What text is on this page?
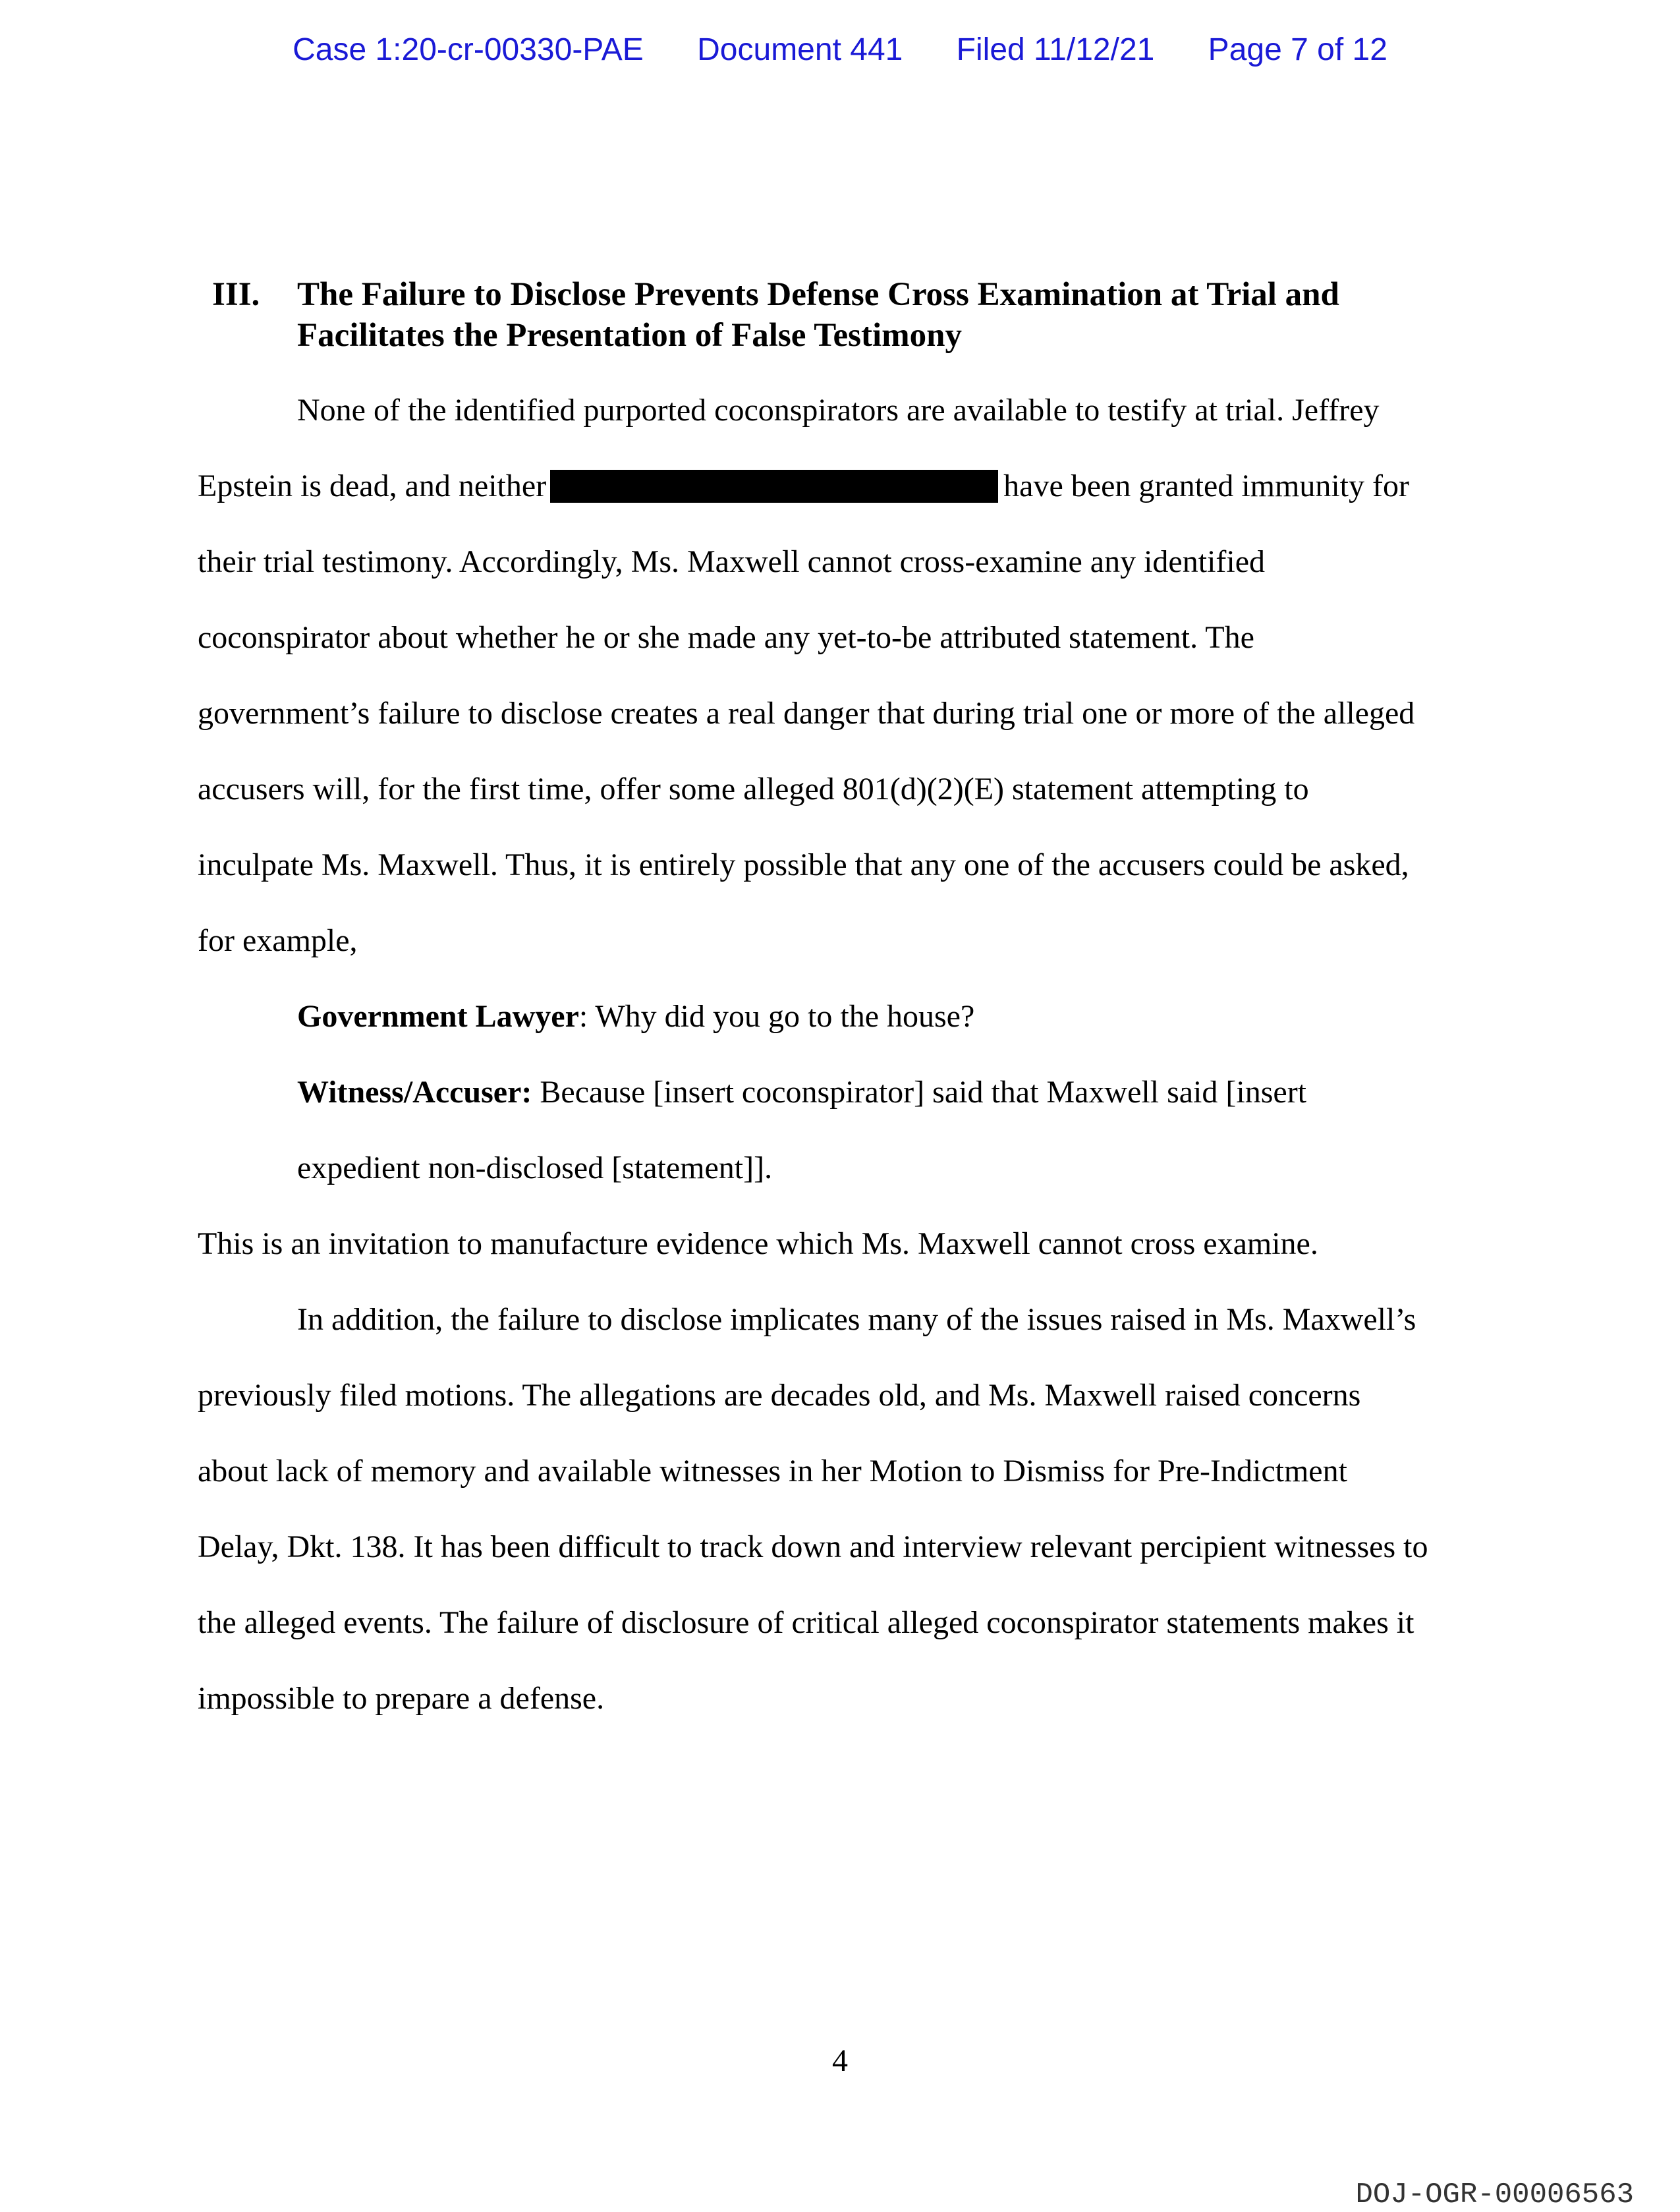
Case 1:20-cr-00330-PAE Document 441 Filed 11/12/21 Page 7 of 12
III. The Failure to Disclose Prevents Defense Cross Examination at Trial and
Facilitates the Presentation of False Testimony
None of the identified purported coconspirators are available to testify at trial. Jeffrey
Epstein is dead, and neither	have been granted immunity for
their trial testimony. Accordingly, Ms. Maxwell cannot cross-examine any identified
coconspirator about whether he or she made any yet-to-be attributed statement. The
government’s failure to disclose creates a real danger that during trial one or more of the alleged
accusers will, for the first time, offer some alleged 801(d)(2)(E) statement attempting to
inculpate Ms. Maxwell. Thus, it is entirely possible that any one of the accusers could be asked,
for example,
Government Lawyer: Why did you go to the house?
Witness/Accuser: Because [insert coconspirator] said that Maxwell said [insert
expedient non-disclosed [statement]].
This is an invitation to manufacture evidence which Ms. Maxwell cannot cross examine.
In addition, the failure to disclose implicates many of the issues raised in Ms. Maxwell’s
previously filed motions. The allegations are decades old, and Ms. Maxwell raised concerns
about lack of memory and available witnesses in her Motion to Dismiss for Pre-Indictment
Delay, Dkt. 138. It has been difficult to track down and interview relevant percipient witnesses to
the alleged events. The failure of disclosure of critical alleged coconspirator statements makes it
impossible to prepare a defense.
4
DOJ-OGR-00006563
